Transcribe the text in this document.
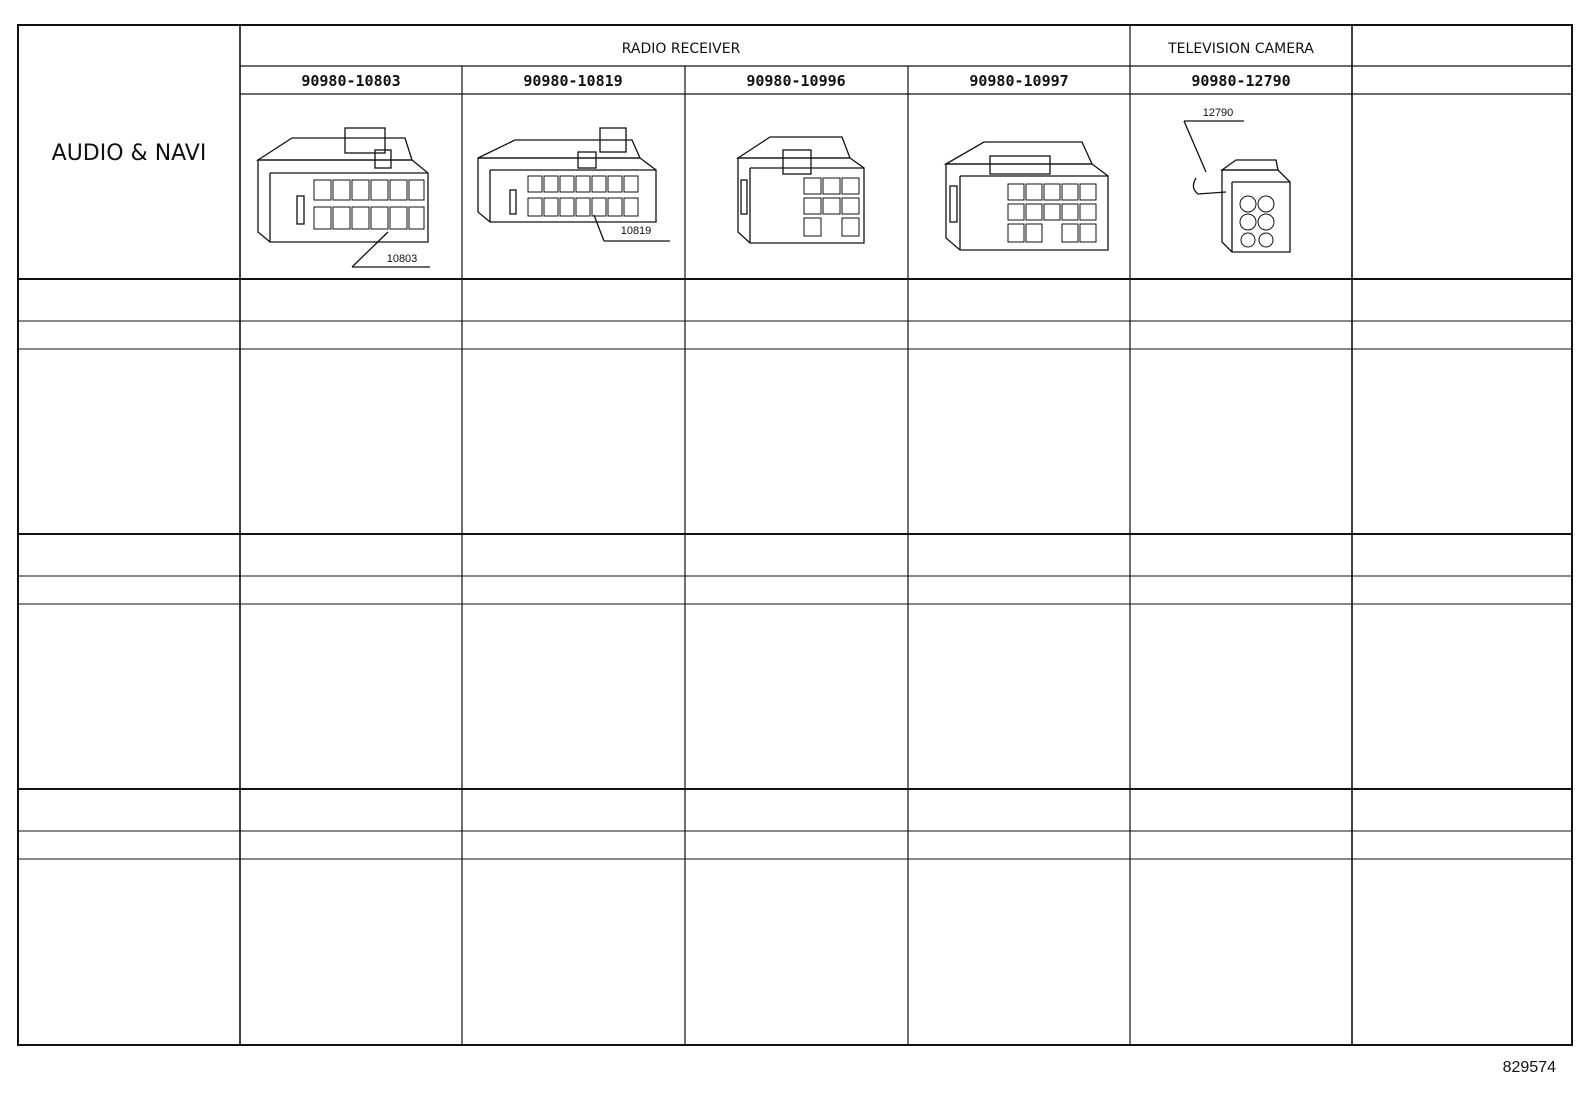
AUDIO & NAVI
RADIO RECEIVER	TELEVISION CAMERA
90980-10803	90980-10819	90980-10996	90980-10997	90980-12790
10803
10819
12790
829574
